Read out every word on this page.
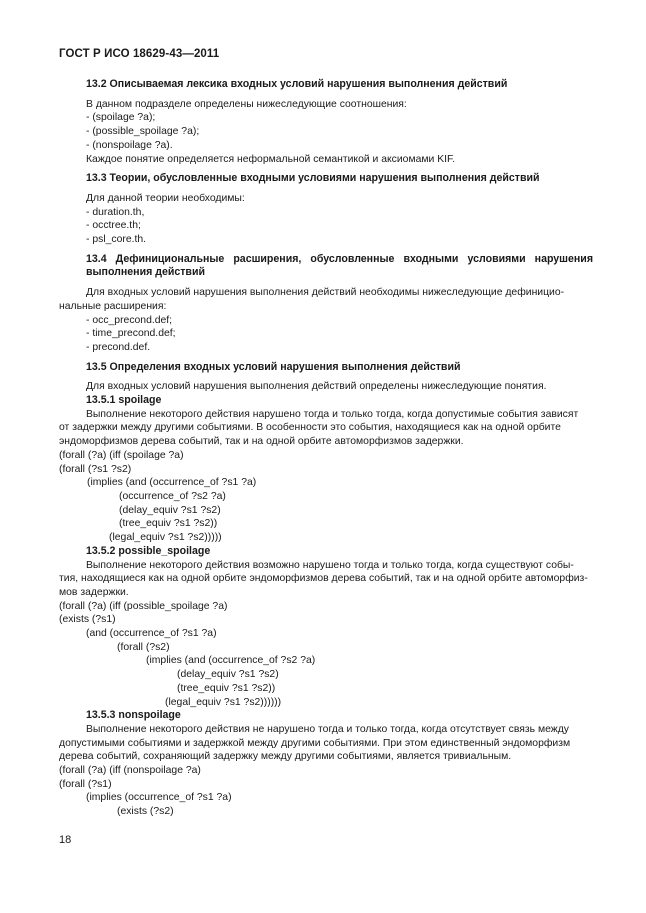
ГОСТ Р ИСО 18629-43—2011
13.2 Описываемая лексика входных условий нарушения выполнения действий
В данном подразделе определены нижеследующие соотношения:
- (spoilage ?a);
- (possible_spoilage ?a);
- (nonspoilage ?a).
Каждое понятие определяется неформальной семантикой и аксиомами KIF.
13.3 Теории, обусловленные входными условиями нарушения выполнения действий
Для данной теории необходимы:
- duration.th,
- occtree.th;
- psl_core.th.
13.4 Дефинициональные расширения, обусловленные входными условиями нарушения выполнения действий
Для входных условий нарушения выполнения действий необходимы нижеследующие дефиницио-
нальные расширения:
- occ_precond.def;
- time_precond.def;
- precond.def.
13.5 Определения входных условий нарушения выполнения действий
Для входных условий нарушения выполнения действий определены нижеследующие понятия.
13.5.1 spoilage
Выполнение некоторого действия нарушено тогда и только тогда, когда допустимые события зависят
от задержки между другими событиями. В особенности это события, находящиеся как на одной орбите
эндоморфизмов дерева событий, так и на одной орбите автоморфизмов задержки.
(forall (?a) (iff (spoilage ?a)
(forall (?s1 ?s2)
(implies (and (occurrence_of ?s1 ?a)
(occurrence_of ?s2 ?a)
(delay_equiv ?s1 ?s2)
(tree_equiv ?s1 ?s2))
(legal_equiv ?s1 ?s2)))))
13.5.2 possible_spoilage
Выполнение некоторого действия возможно нарушено тогда и только тогда, когда существуют собы-
тия, находящиеся как на одной орбите эндоморфизмов дерева событий, так и на одной орбите автоморфиз-
мов задержки.
(forall (?a) (iff (possible_spoilage ?a)
(exists (?s1)
(and (occurrence_of ?s1 ?a)
(forall (?s2)
(implies (and (occurrence_of ?s2 ?a)
(delay_equiv ?s1 ?s2)
(tree_equiv ?s1 ?s2))
(legal_equiv ?s1 ?s2))))))
13.5.3 nonspoilage
Выполнение некоторого действия не нарушено тогда и только тогда, когда отсутствует связь между
допустимыми событиями и задержкой между другими событиями. При этом единственный эндоморфизм
дерева событий, сохраняющий задержку между другими событиями, является тривиальным.
(forall (?a) (iff (nonspoilage ?a)
(forall (?s1)
(implies (occurrence_of ?s1 ?a)
(exists (?s2)
18
